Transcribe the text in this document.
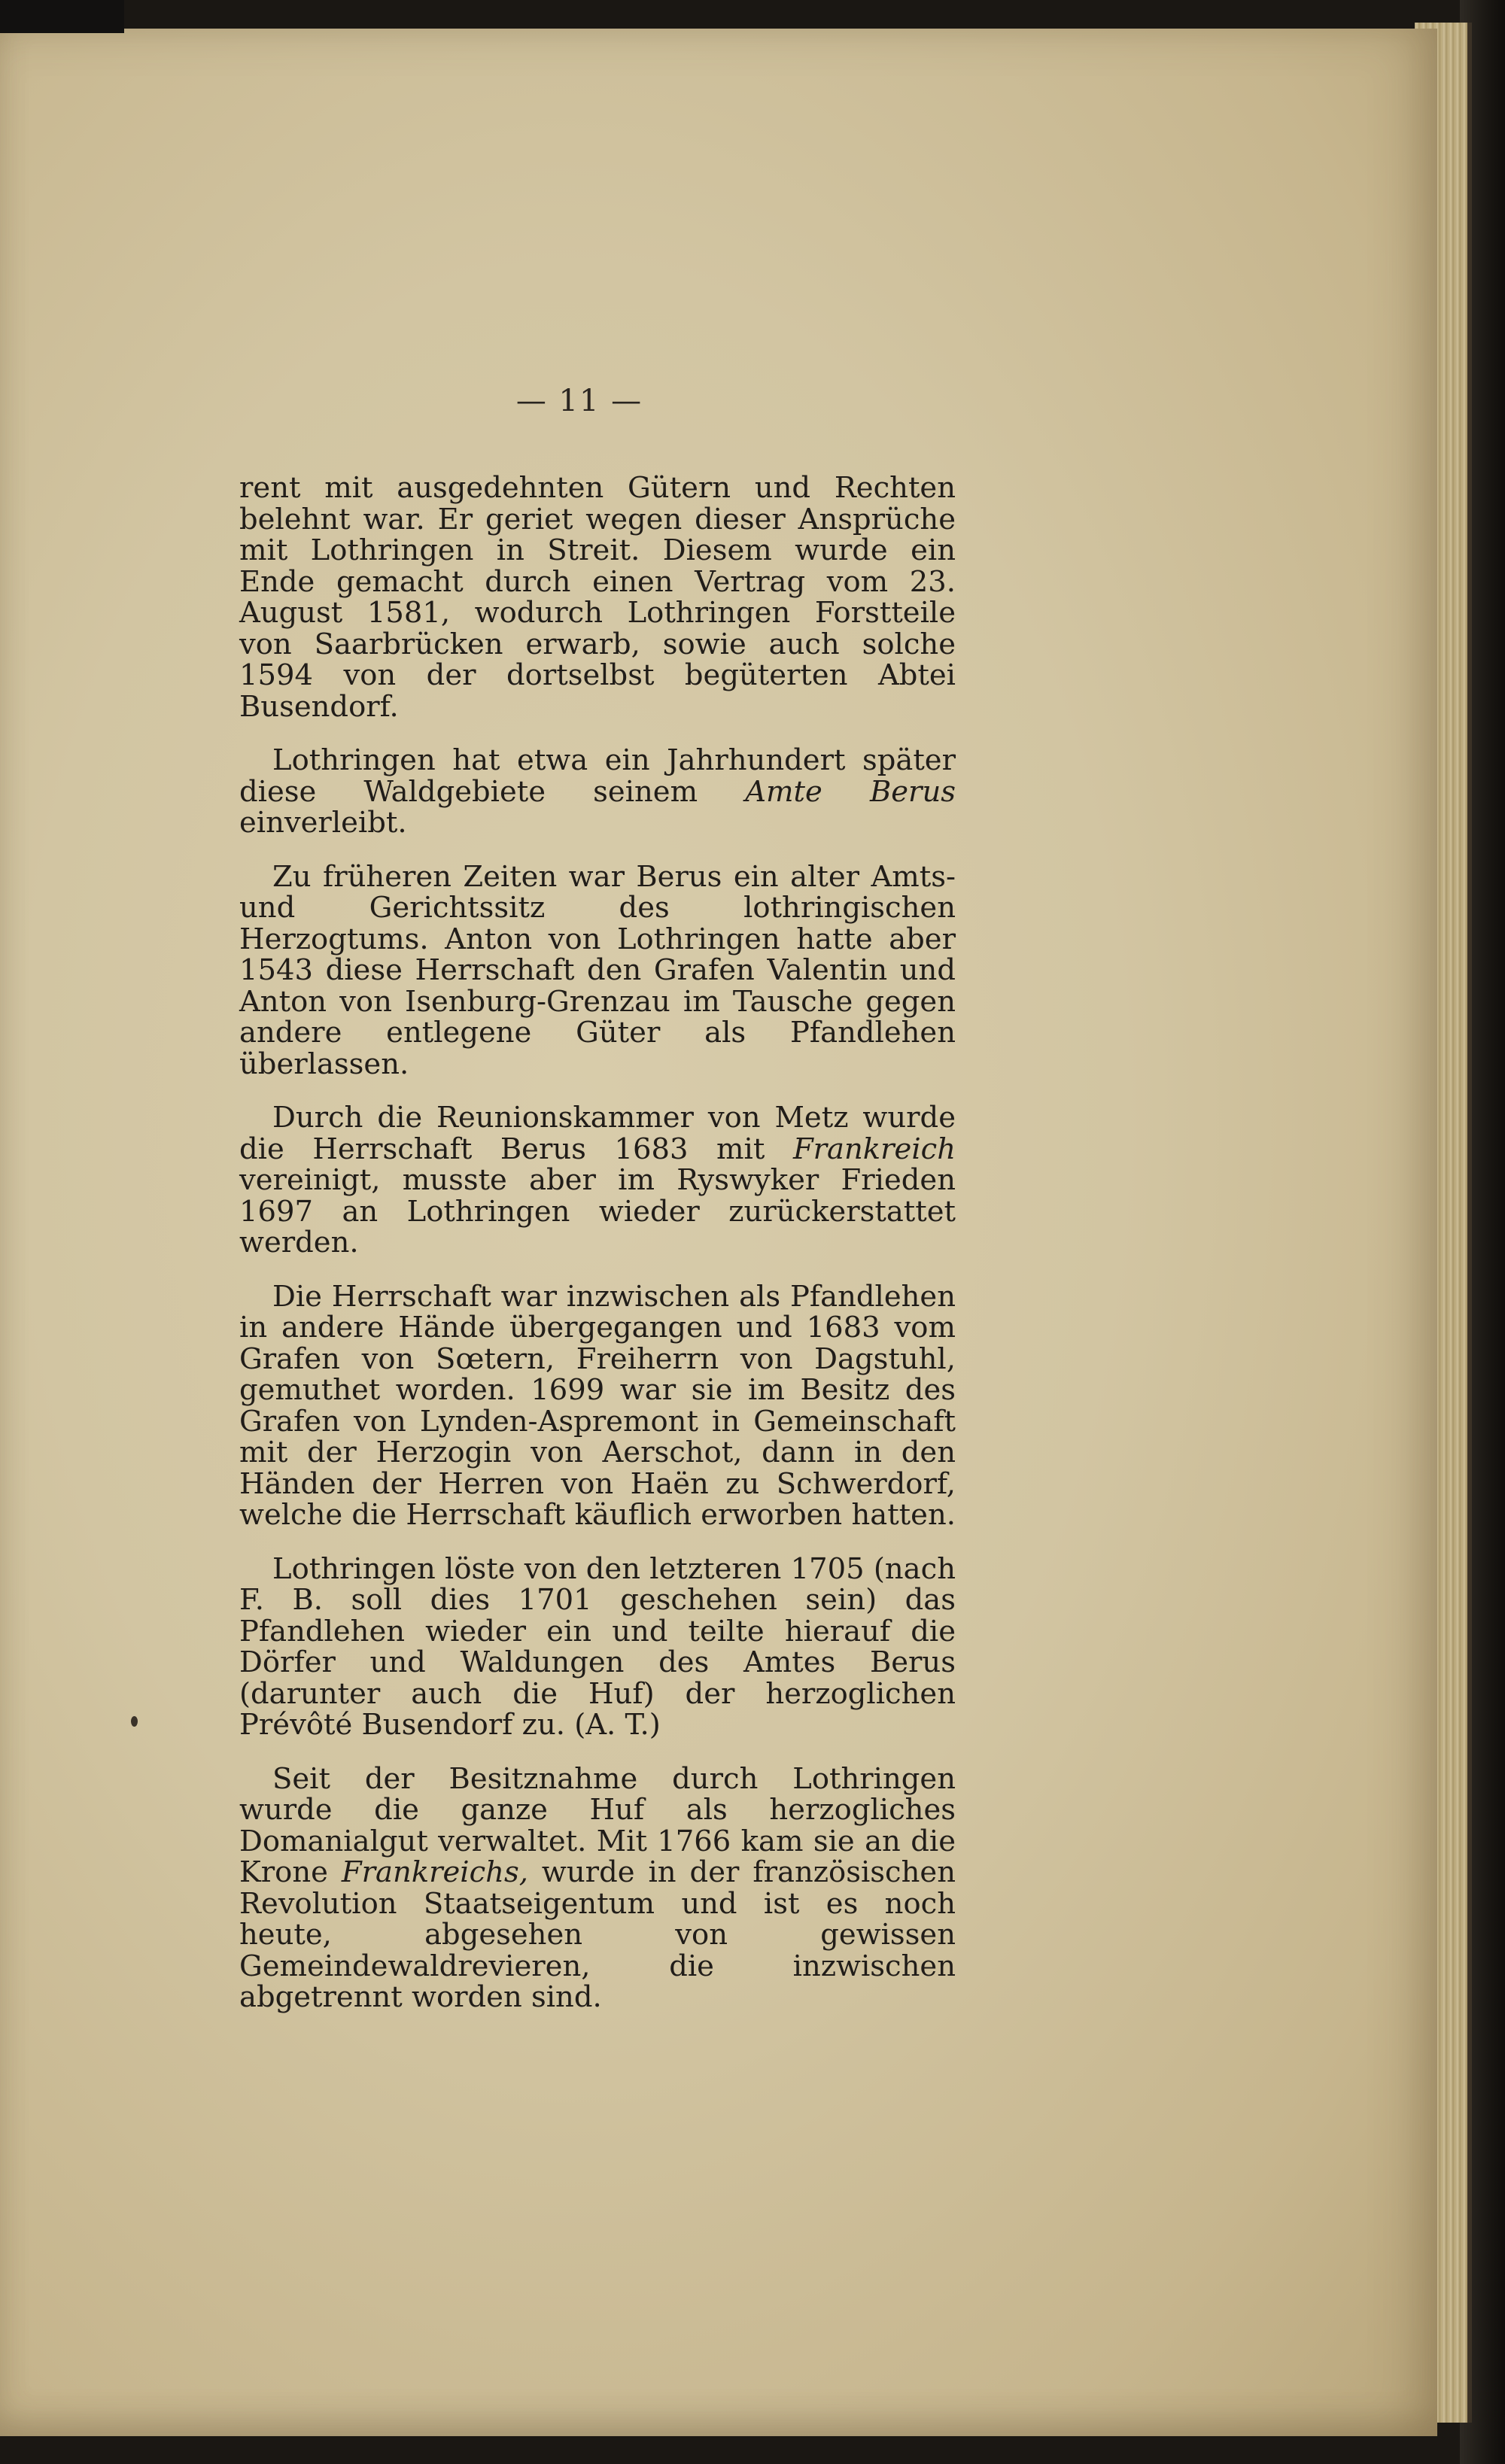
— 11 —

rent mit ausgedehnten Gütern und Rechten belehnt war. Er geriet wegen dieser Ansprüche mit Lothringen in Streit. Diesem wurde ein Ende gemacht durch einen Vertrag vom 23. August 1581, wodurch Lothringen Forstteile von Saarbrücken erwarb, sowie auch solche 1594 von der dortselbst begüterten Abtei Busendorf.

Lothringen hat etwa ein Jahrhundert später diese Waldgebiete seinem Amte Berus einverleibt.

Zu früheren Zeiten war Berus ein alter Amts- und Gerichtssitz des lothringischen Herzogtums. Anton von Lothringen hatte aber 1543 diese Herrschaft den Grafen Valentin und Anton von Isenburg-Grenzau im Tausche gegen andere entlegene Güter als Pfandlehen überlassen.

Durch die Reunionskammer von Metz wurde die Herrschaft Berus 1683 mit Frankreich vereinigt, musste aber im Ryswyker Frieden 1697 an Lothringen wieder zurückerstattet werden.

Die Herrschaft war inzwischen als Pfandlehen in andere Hände übergegangen und 1683 vom Grafen von Sœtern, Freiherrn von Dagstuhl, gemuthet worden. 1699 war sie im Besitz des Grafen von Lynden-Aspremont in Gemeinschaft mit der Herzogin von Aerschot, dann in den Händen der Herren von Haën zu Schwerdorf, welche die Herrschaft käuflich erworben hatten.

Lothringen löste von den letzteren 1705 (nach F. B. soll dies 1701 geschehen sein) das Pfandlehen wieder ein und teilte hierauf die Dörfer und Waldungen des Amtes Berus (darunter auch die Huf) der herzoglichen Prévôté Busendorf zu. (A. T.)

Seit der Besitznahme durch Lothringen wurde die ganze Huf als herzogliches Domanialgut verwaltet. Mit 1766 kam sie an die Krone Frankreichs, wurde in der französischen Revolution Staatseigentum und ist es noch heute, abgesehen von gewissen Gemeindewaldrevieren, die inzwischen abgetrennt worden sind.
